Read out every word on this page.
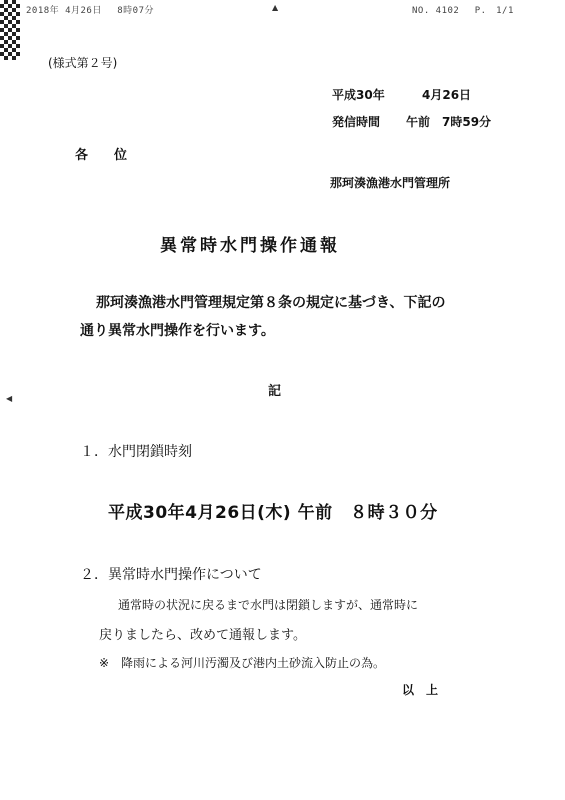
2018年 4月26日　 8時07分	▲	NO. 4102　 P.　1/1
◀
(様式第２号)
平成30年	4月26日
発信時間 午前　7時59分
各　　位
那珂湊漁港水門管理所
異常時水門操作通報
那珂湊漁港水門管理規定第８条の規定に基づき、下記の
通り異常水門操作を行います。
記
１．水門閉鎖時刻
平成30年4月26日(木) 午前　８時３０分
２．異常時水門操作について
通常時の状況に戻るまで水門は閉鎖しますが、通常時に
戻りましたら、改めて通報します。
※　降雨による河川汚濁及び港内土砂流入防止の為。
以　上
